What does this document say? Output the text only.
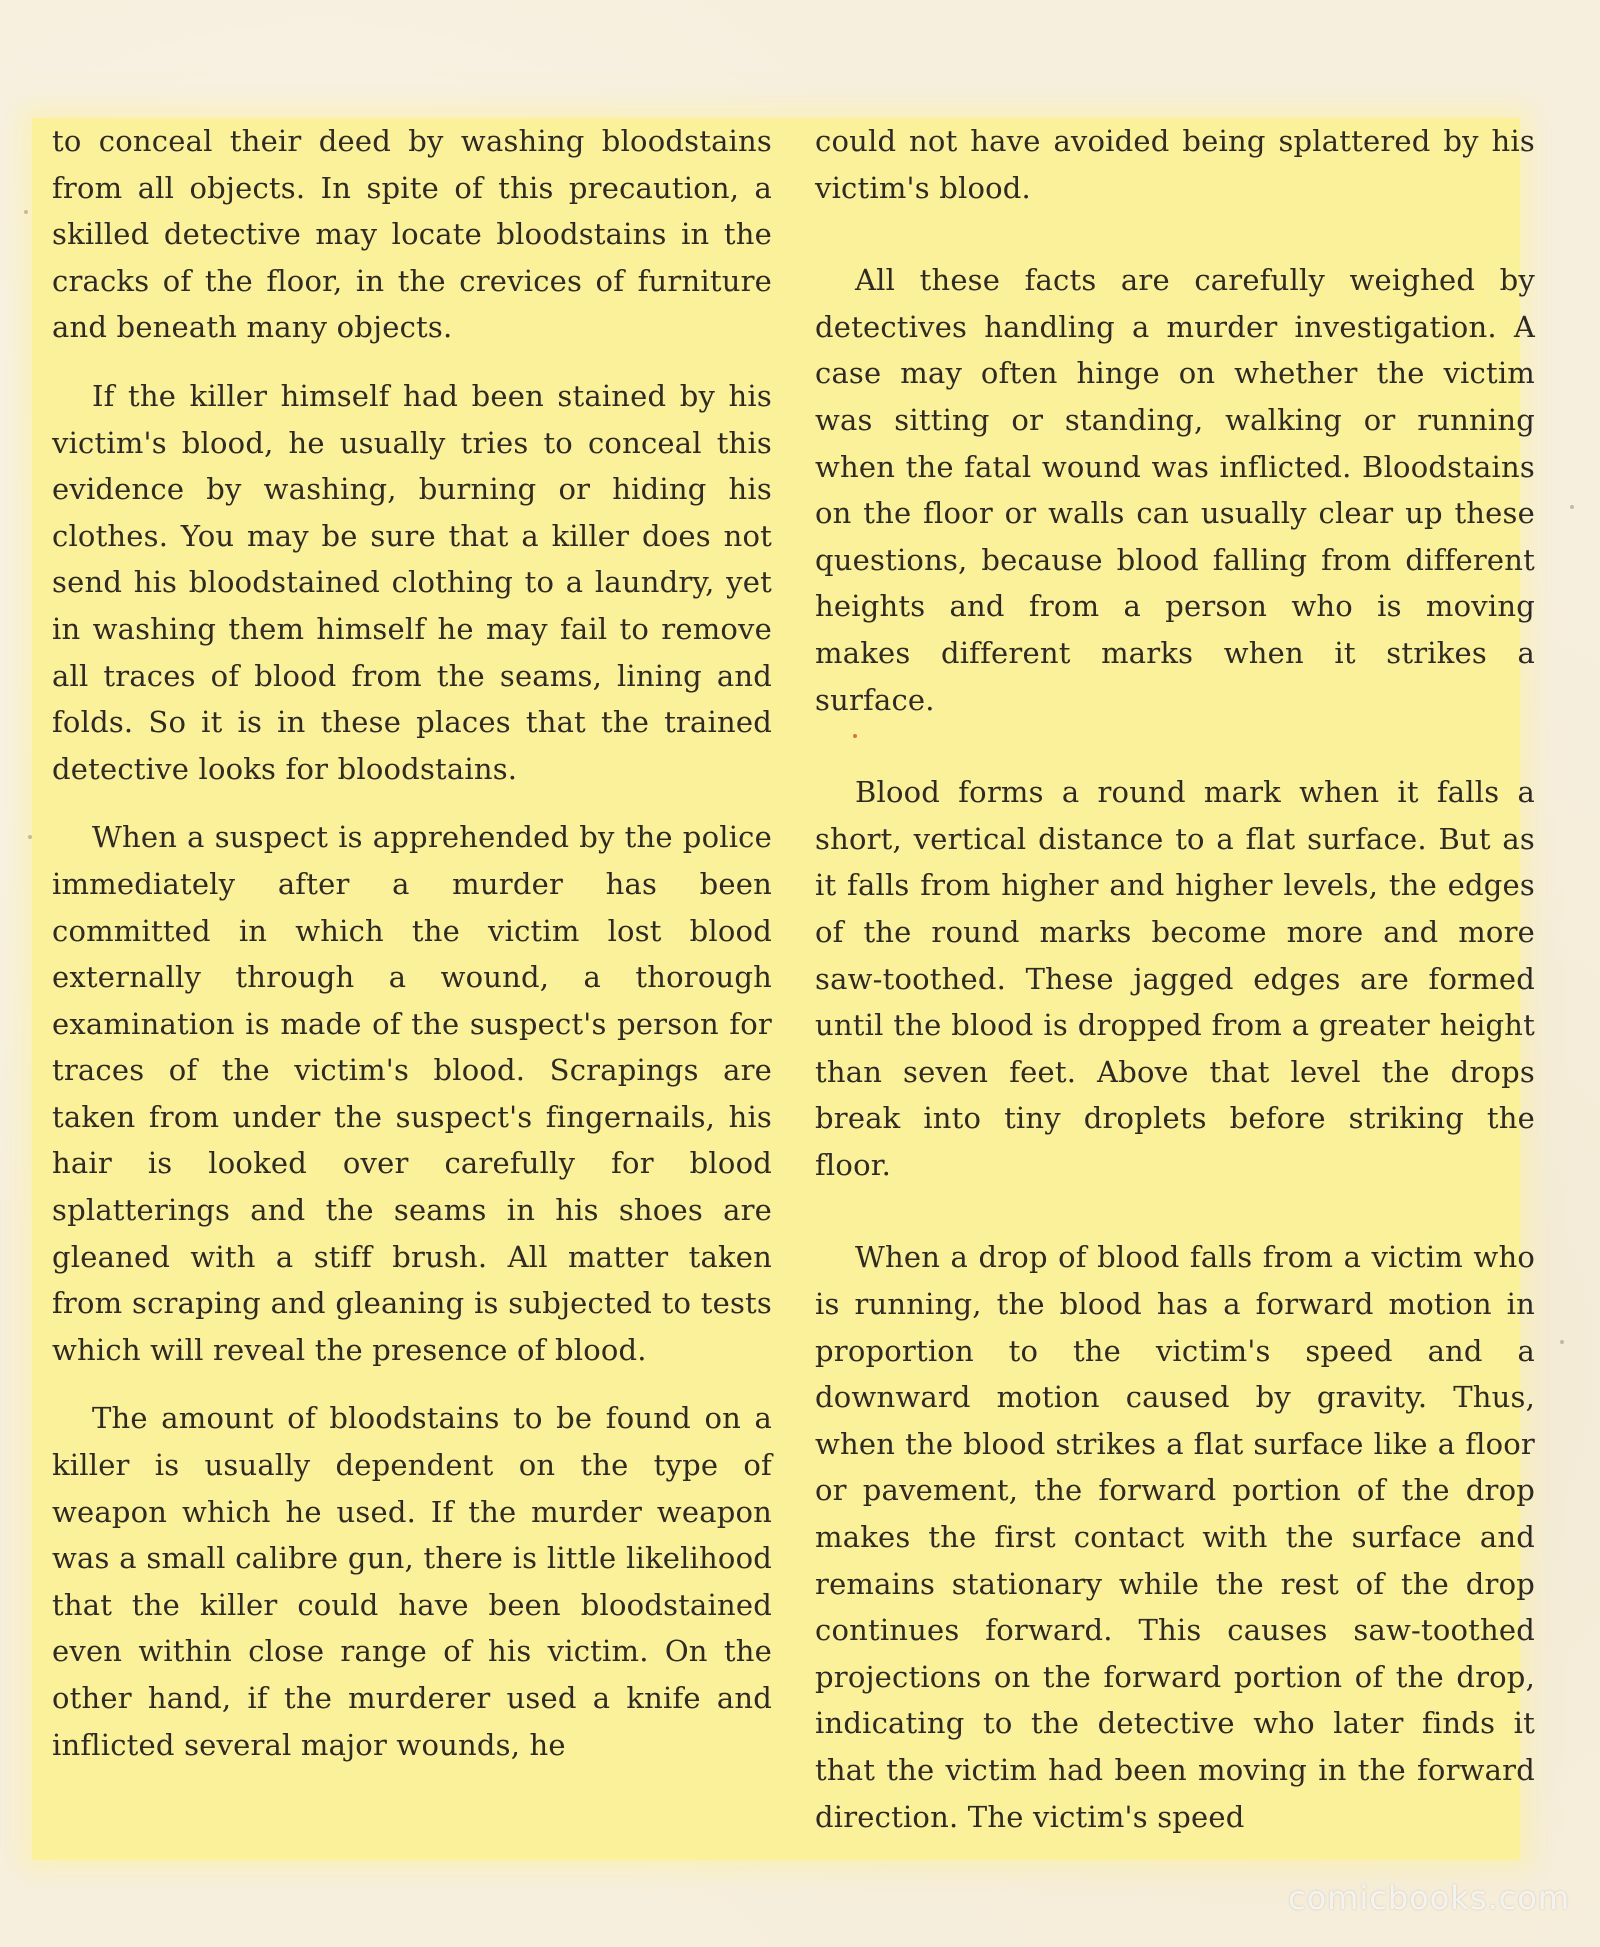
to conceal their deed by washing bloodstains from all objects. In spite of this precaution, a skilled detective may locate bloodstains in the cracks of the floor, in the crevices of furniture and beneath many objects.

If the killer himself had been stained by his victim's blood, he usually tries to conceal this evidence by washing, burning or hiding his clothes. You may be sure that a killer does not send his bloodstained clothing to a laundry, yet in washing them himself he may fail to remove all traces of blood from the seams, lining and folds. So it is in these places that the trained detective looks for bloodstains.

When a suspect is apprehended by the police immediately after a murder has been committed in which the victim lost blood externally through a wound, a thorough examination is made of the suspect's person for traces of the victim's blood. Scrapings are taken from under the suspect's fingernails, his hair is looked over carefully for blood splatterings and the seams in his shoes are gleaned with a stiff brush. All matter taken from scraping and gleaning is subjected to tests which will reveal the presence of blood.

The amount of bloodstains to be found on a killer is usually dependent on the type of weapon which he used. If the murder weapon was a small calibre gun, there is little likelihood that the killer could have been bloodstained even within close range of his victim. On the other hand, if the murderer used a knife and inflicted several major wounds, he

could not have avoided being splattered by his victim's blood.

All these facts are carefully weighed by detectives handling a murder investigation. A case may often hinge on whether the victim was sitting or standing, walking or running when the fatal wound was inflicted. Bloodstains on the floor or walls can usually clear up these questions, because blood falling from different heights and from a person who is moving makes different marks when it strikes a surface.

Blood forms a round mark when it falls a short, vertical distance to a flat surface. But as it falls from higher and higher levels, the edges of the round marks become more and more saw-toothed. These jagged edges are formed until the blood is dropped from a greater height than seven feet. Above that level the drops break into tiny droplets before striking the floor.

When a drop of blood falls from a victim who is running, the blood has a forward motion in proportion to the victim's speed and a downward motion caused by gravity. Thus, when the blood strikes a flat surface like a floor or pavement, the forward portion of the drop makes the first contact with the surface and remains stationary while the rest of the drop continues forward. This causes saw-toothed projections on the forward portion of the drop, indicating to the detective who later finds it that the victim had been moving in the forward direction. The victim's speed

comicbooks.com
